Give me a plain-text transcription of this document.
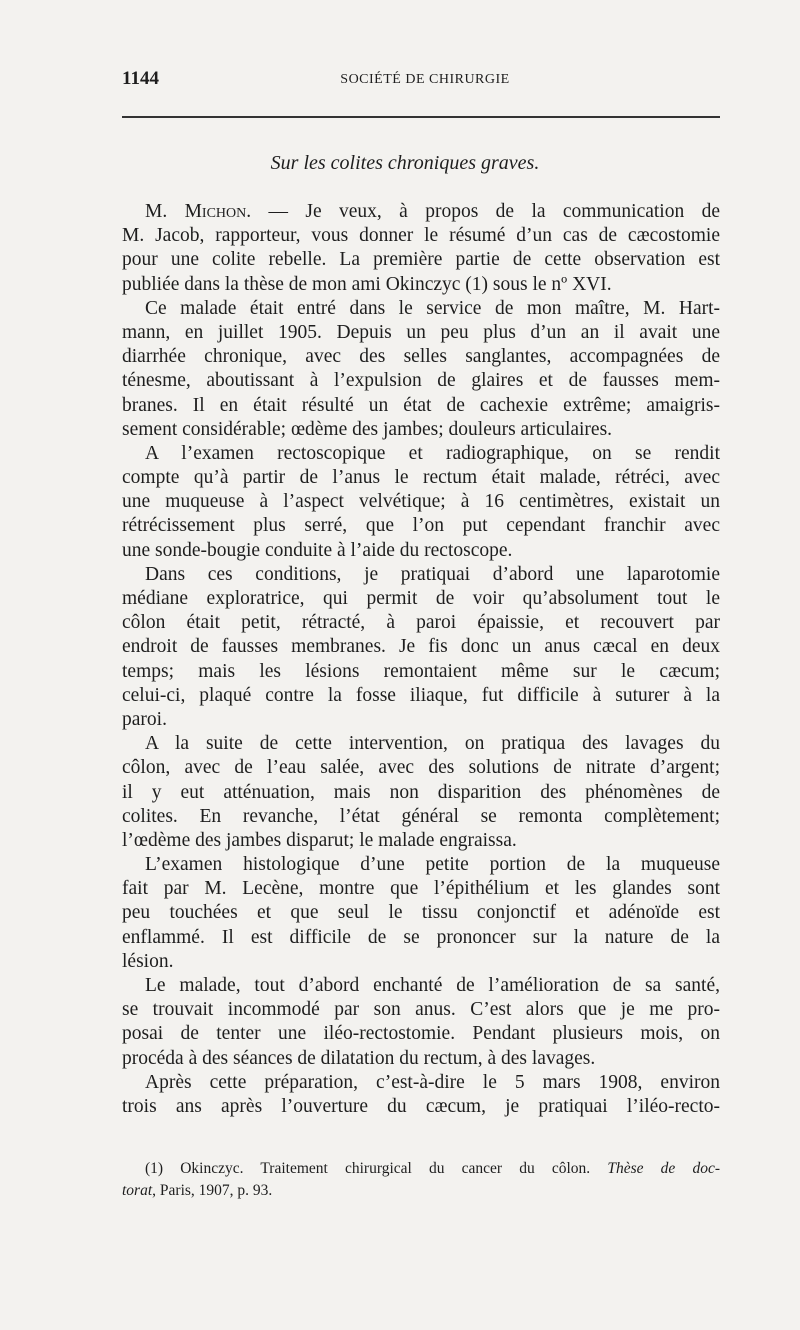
1144	SOCIÉTÉ DE CHIRURGIE
Sur les colites chroniques graves.
M. Michon. — Je veux, à propos de la communication de
M. Jacob, rapporteur, vous donner le résumé d’un cas de cæcostomie
pour une colite rebelle. La première partie de cette observation est
publiée dans la thèse de mon ami Okinczyc (1) sous le nº XVI.
Ce malade était entré dans le service de mon maître, M. Hart-
mann, en juillet 1905. Depuis un peu plus d’un an il avait une
diarrhée chronique, avec des selles sanglantes, accompagnées de
ténesme, aboutissant à l’expulsion de glaires et de fausses mem-
branes. Il en était résulté un état de cachexie extrême; amaigris-
sement considérable; œdème des jambes; douleurs articulaires.
A l’examen rectoscopique et radiographique, on se rendit
compte qu’à partir de l’anus le rectum était malade, rétréci, avec
une muqueuse à l’aspect velvétique; à 16 centimètres, existait un
rétrécissement plus serré, que l’on put cependant franchir avec
une sonde-bougie conduite à l’aide du rectoscope.
Dans ces conditions, je pratiquai d’abord une laparotomie
médiane exploratrice, qui permit de voir qu’absolument tout le
côlon était petit, rétracté, à paroi épaissie, et recouvert par
endroit de fausses membranes. Je fis donc un anus cæcal en deux
temps; mais les lésions remontaient même sur le cæcum;
celui-ci, plaqué contre la fosse iliaque, fut difficile à suturer à la
paroi.
A la suite de cette intervention, on pratiqua des lavages du
côlon, avec de l’eau salée, avec des solutions de nitrate d’argent;
il y eut atténuation, mais non disparition des phénomènes de
colites. En revanche, l’état général se remonta complètement;
l’œdème des jambes disparut; le malade engraissa.
L’examen histologique d’une petite portion de la muqueuse
fait par M. Lecène, montre que l’épithélium et les glandes sont
peu touchées et que seul le tissu conjonctif et adénoïde est
enflammé. Il est difficile de se prononcer sur la nature de la
lésion.
Le malade, tout d’abord enchanté de l’amélioration de sa santé,
se trouvait incommodé par son anus. C’est alors que je me pro-
posai de tenter une iléo-rectostomie. Pendant plusieurs mois, on
procéda à des séances de dilatation du rectum, à des lavages.
Après cette préparation, c’est-à-dire le 5 mars 1908, environ
trois ans après l’ouverture du cæcum, je pratiquai l’iléo-recto-
(1) Okinczyc. Traitement chirurgical du cancer du côlon. Thèse de doc-
torat, Paris, 1907, p. 93.
